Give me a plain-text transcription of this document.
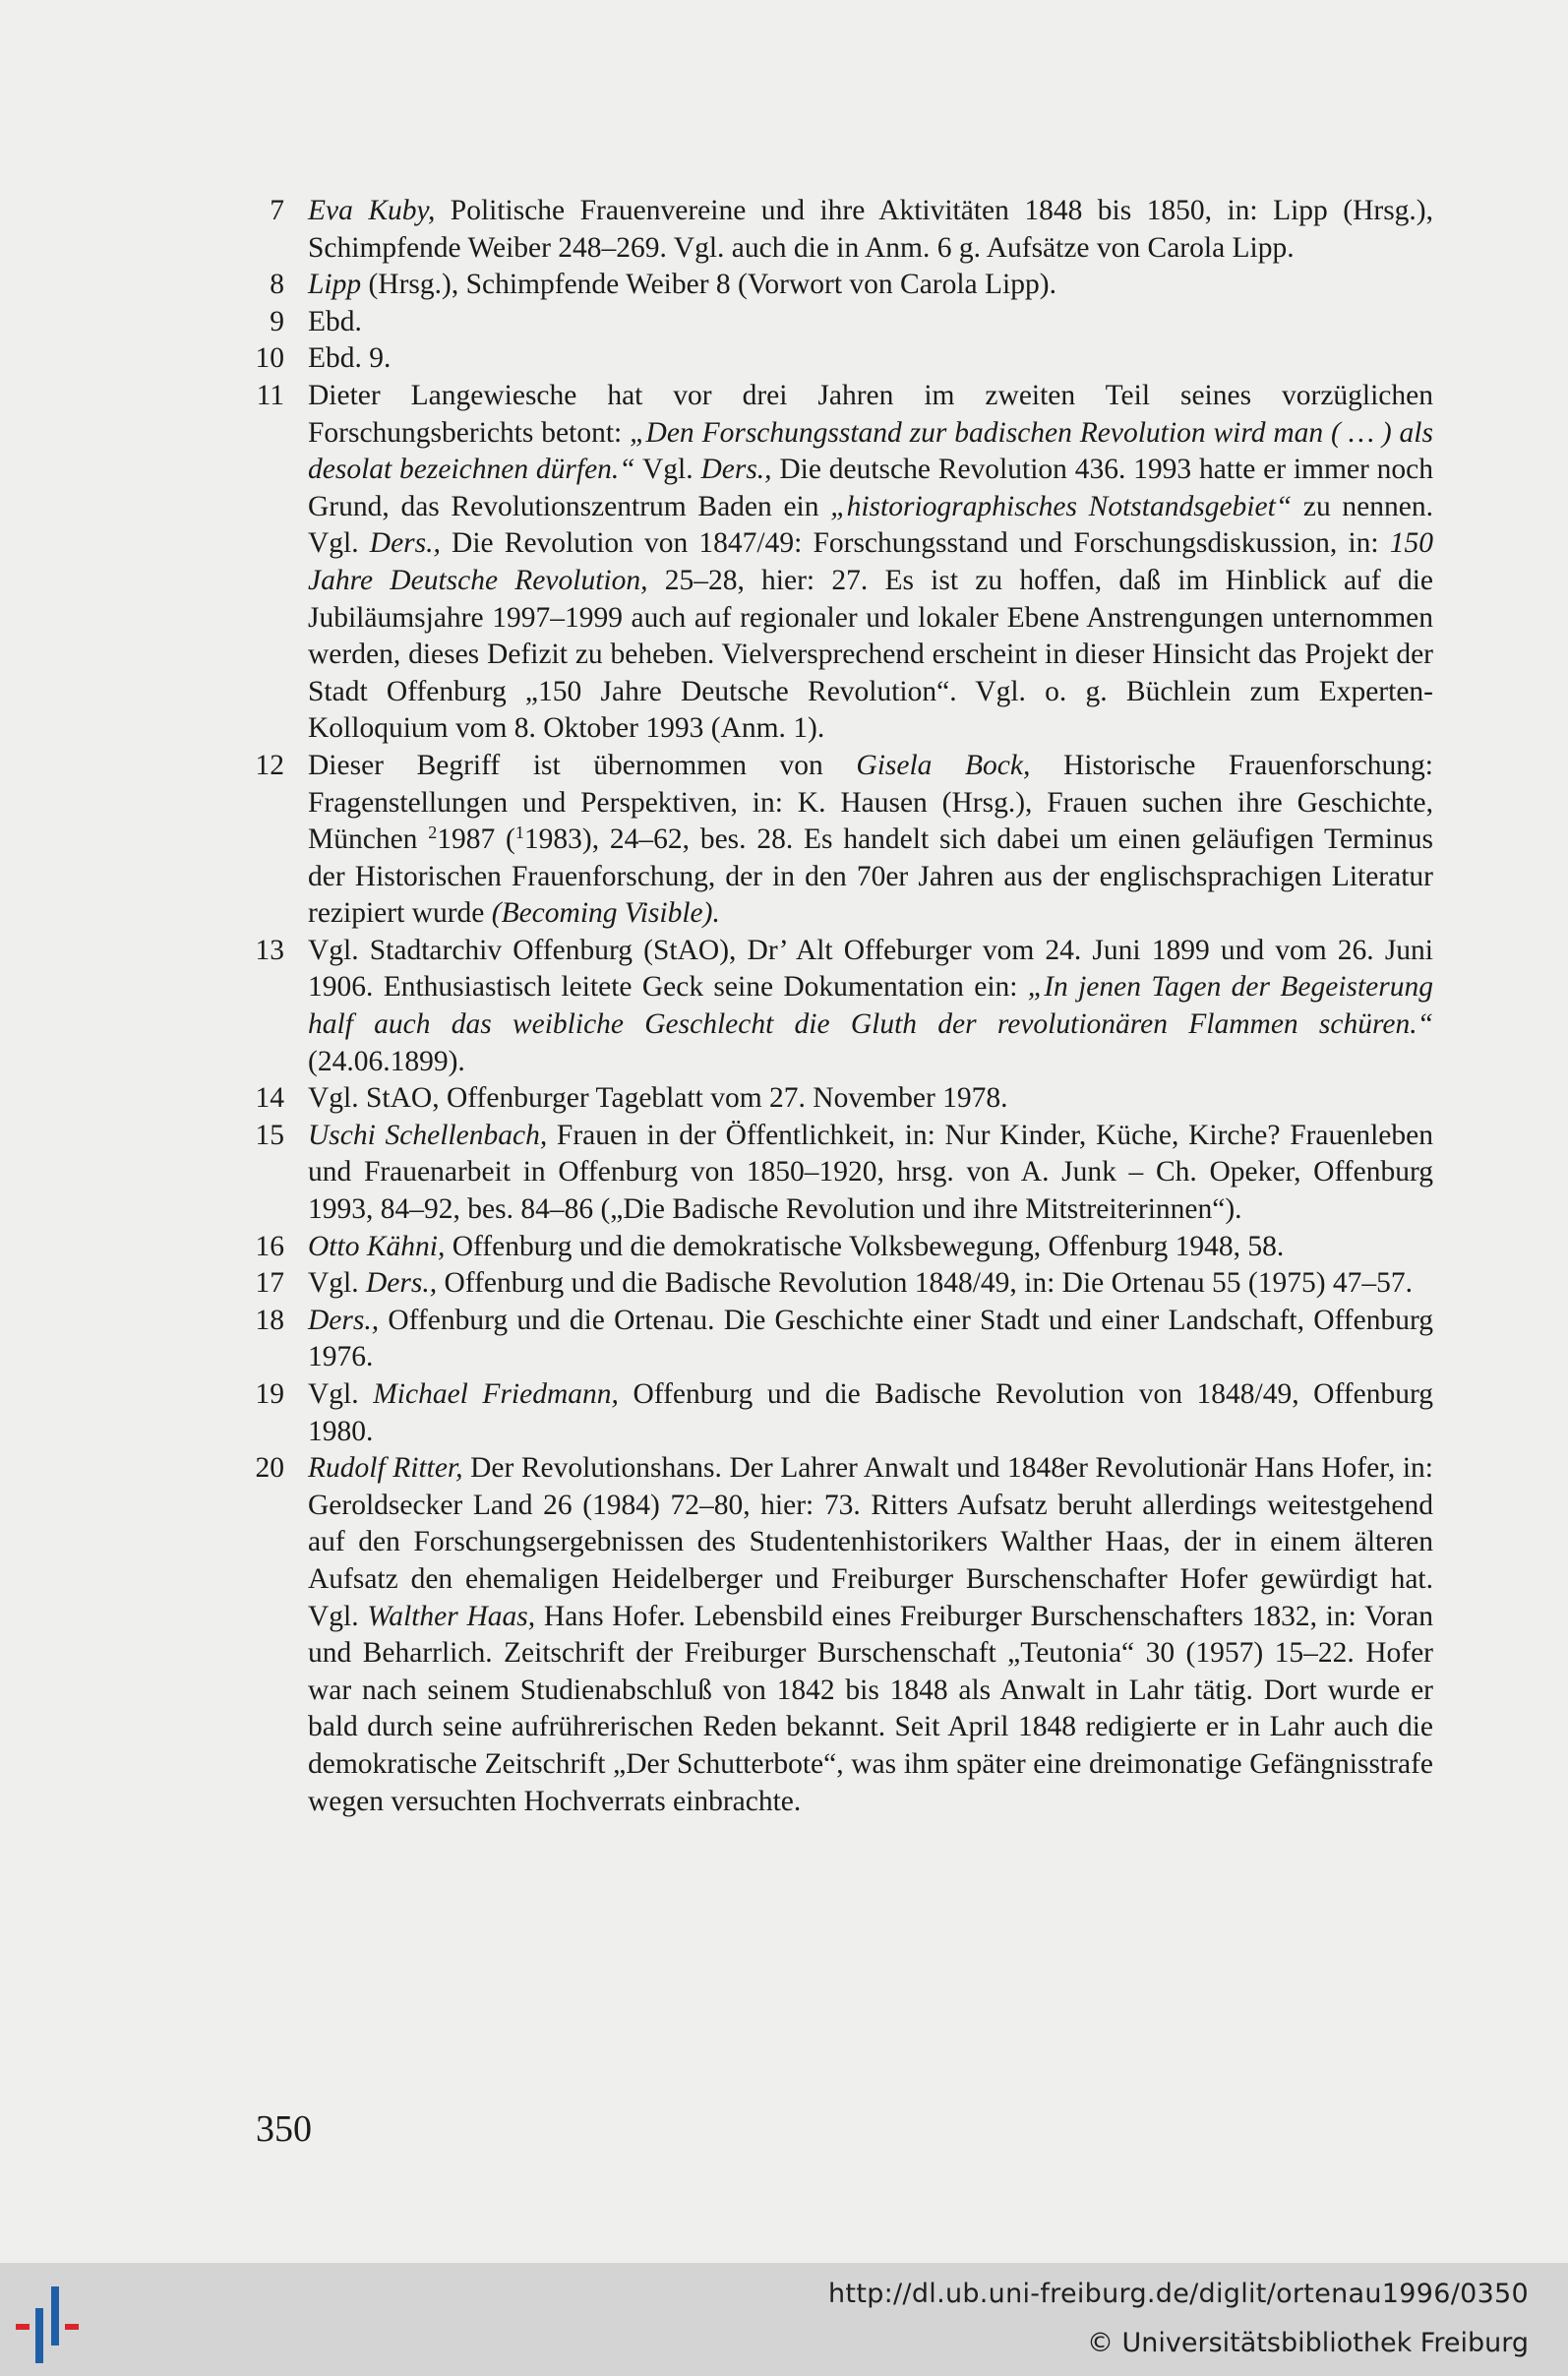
7 Eva Kuby, Politische Frauenvereine und ihre Aktivitäten 1848 bis 1850, in: Lipp (Hrsg.), Schimpfende Weiber 248–269. Vgl. auch die in Anm. 6 g. Aufsätze von Carola Lipp.
8 Lipp (Hrsg.), Schimpfende Weiber 8 (Vorwort von Carola Lipp).
9 Ebd.
10 Ebd. 9.
11 Dieter Langewiesche hat vor drei Jahren im zweiten Teil seines vorzüglichen Forschungsberichts betont: „Den Forschungsstand zur badischen Revolution wird man ( … ) als desolat bezeichnen dürfen.“ Vgl. Ders., Die deutsche Revolution 436. 1993 hatte er immer noch Grund, das Revolutionszentrum Baden ein „historiographisches Notstandsgebiet“ zu nennen. Vgl. Ders., Die Revolution von 1847/49: Forschungsstand und Forschungsdiskussion, in: 150 Jahre Deutsche Revolution, 25–28, hier: 27. Es ist zu hoffen, daß im Hinblick auf die Jubiläumsjahre 1997–1999 auch auf regionaler und lokaler Ebene Anstrengungen unternommen werden, dieses Defizit zu beheben. Vielversprechend erscheint in dieser Hinsicht das Projekt der Stadt Offenburg „150 Jahre Deutsche Revolution“. Vgl. o. g. Büchlein zum Experten-Kolloquium vom 8. Oktober 1993 (Anm. 1).
12 Dieser Begriff ist übernommen von Gisela Bock, Historische Frauenforschung: Fragenstellungen und Perspektiven, in: K. Hausen (Hrsg.), Frauen suchen ihre Geschichte, München $^2$1987 ($^1$1983), 24–62, bes. 28. Es handelt sich dabei um einen geläufigen Terminus der Historischen Frauenforschung, der in den 70er Jahren aus der englischsprachigen Literatur rezipiert wurde (Becoming Visible).
13 Vgl. Stadtarchiv Offenburg (StAO), Dr’ Alt Offeburger vom 24. Juni 1899 und vom 26. Juni 1906. Enthusiastisch leitete Geck seine Dokumentation ein: „In jenen Tagen der Begeisterung half auch das weibliche Geschlecht die Gluth der revolutionären Flammen schüren.“ (24.06.1899).
14 Vgl. StAO, Offenburger Tageblatt vom 27. November 1978.
15 Uschi Schellenbach, Frauen in der Öffentlichkeit, in: Nur Kinder, Küche, Kirche? Frauenleben und Frauenarbeit in Offenburg von 1850–1920, hrsg. von A. Junk – Ch. Opeker, Offenburg 1993, 84–92, bes. 84–86 („Die Badische Revolution und ihre Mitstreiterinnen“).
16 Otto Kähni, Offenburg und die demokratische Volksbewegung, Offenburg 1948, 58.
17 Vgl. Ders., Offenburg und die Badische Revolution 1848/49, in: Die Ortenau 55 (1975) 47–57.
18 Ders., Offenburg und die Ortenau. Die Geschichte einer Stadt und einer Landschaft, Offenburg 1976.
19 Vgl. Michael Friedmann, Offenburg und die Badische Revolution von 1848/49, Offenburg 1980.
20 Rudolf Ritter, Der Revolutionshans. Der Lahrer Anwalt und 1848er Revolutionär Hans Hofer, in: Geroldsecker Land 26 (1984) 72–80, hier: 73. Ritters Aufsatz beruht allerdings weitestgehend auf den Forschungsergebnissen des Studentenhistorikers Walther Haas, der in einem älteren Aufsatz den ehemaligen Heidelberger und Freiburger Burschenschafter Hofer gewürdigt hat. Vgl. Walther Haas, Hans Hofer. Lebensbild eines Freiburger Burschenschafters 1832, in: Voran und Beharrlich. Zeitschrift der Freiburger Burschenschaft „Teutonia“ 30 (1957) 15–22. Hofer war nach seinem Studienabschluß von 1842 bis 1848 als Anwalt in Lahr tätig. Dort wurde er bald durch seine aufrührerischen Reden bekannt. Seit April 1848 redigierte er in Lahr auch die demokratische Zeitschrift „Der Schutterbote“, was ihm später eine dreimonatige Gefängnisstrafe wegen versuchten Hochverrats einbrachte.
350
http://dl.ub.uni-freiburg.de/diglit/ortenau1996/0350
© Universitätsbibliothek Freiburg
